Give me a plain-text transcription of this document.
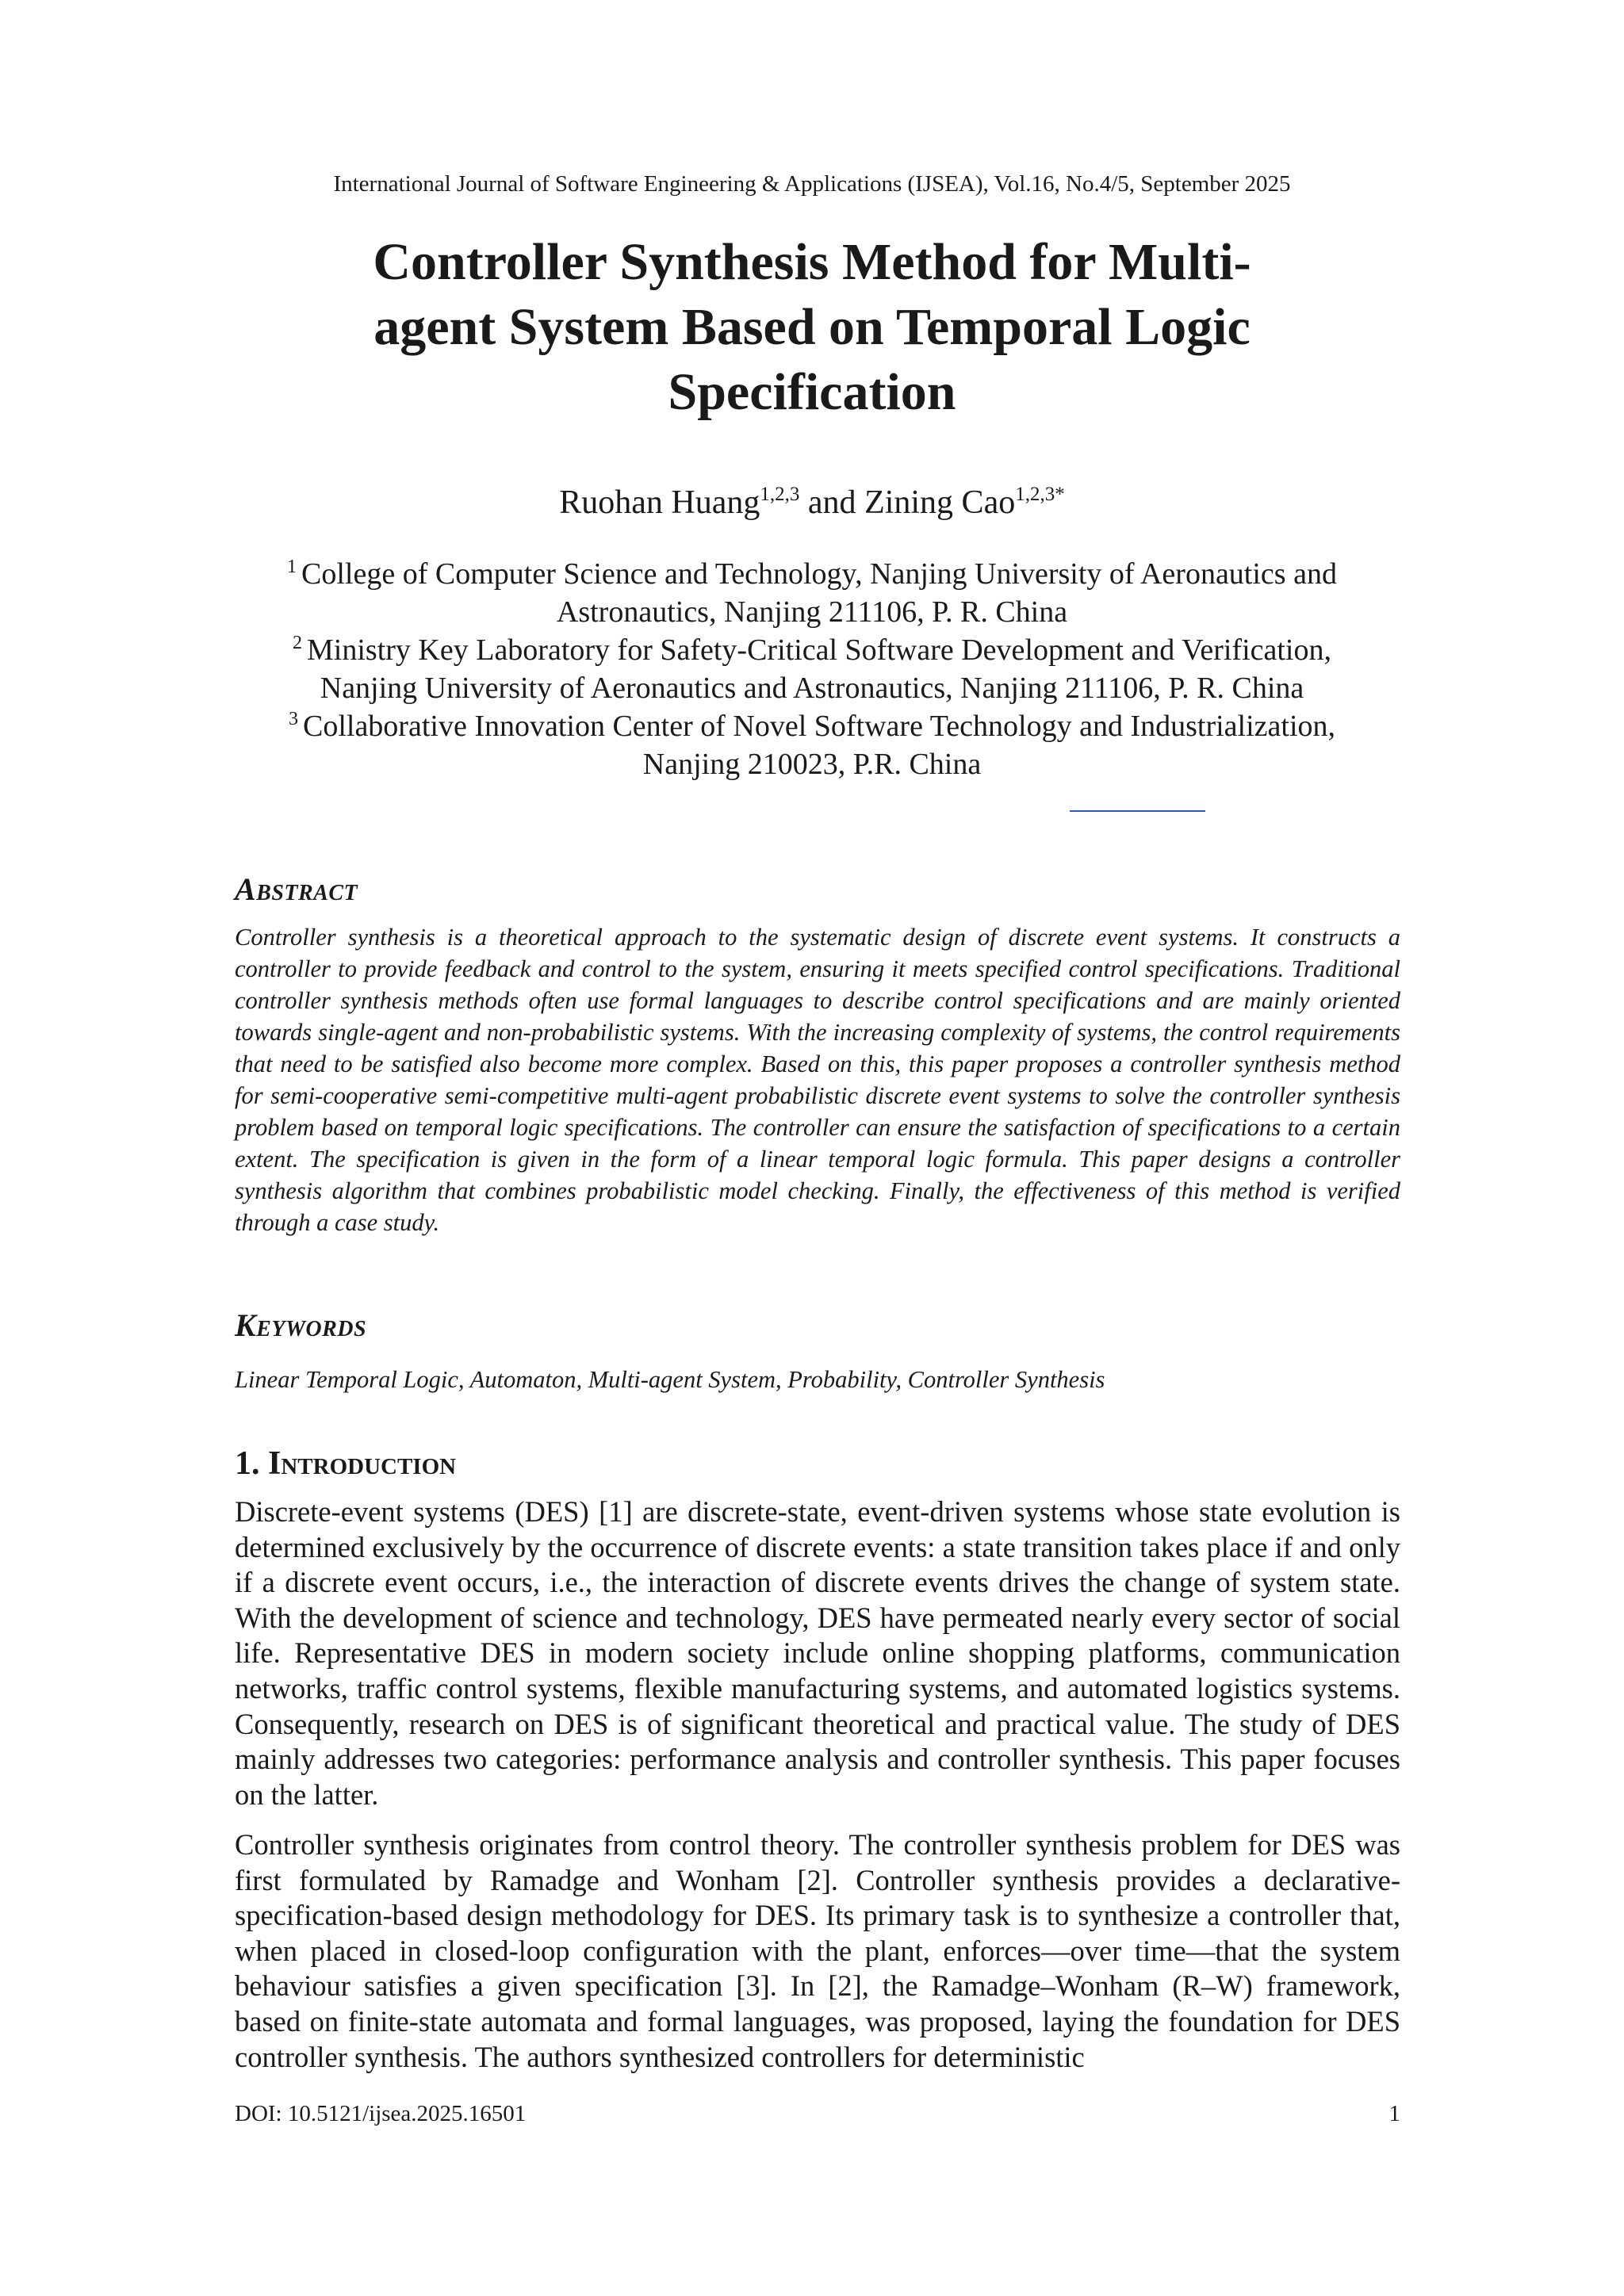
International Journal of Software Engineering & Applications (IJSEA), Vol.16, No.4/5, September 2025
Controller Synthesis Method for Multi-
agent System Based on Temporal Logic
Specification
Ruohan Huang$^{1,2,3}$ and Zining Cao$^{1,2,3*}$
$^1$ College of Computer Science and Technology, Nanjing University of Aeronautics and
Astronautics, Nanjing 211106, P. R. China
$^2$ Ministry Key Laboratory for Safety-Critical Software Development and Verification,
Nanjing University of Aeronautics and Astronautics, Nanjing 211106, P. R. China
$^3$ Collaborative Innovation Center of Novel Software Technology and Industrialization,
Nanjing 210023, P.R. China
Abstract

Controller synthesis is a theoretical approach to the systematic design of discrete event systems. It constructs a controller to provide feedback and control to the system, ensuring it meets specified control specifications. Traditional controller synthesis methods often use formal languages to describe control specifications and are mainly oriented towards single-agent and non-probabilistic systems. With the increasing complexity of systems, the control requirements that need to be satisfied also become more complex. Based on this, this paper proposes a controller synthesis method for semi-cooperative semi-competitive multi-agent probabilistic discrete event systems to solve the controller synthesis problem based on temporal logic specifications. The controller can ensure the satisfaction of specifications to a certain extent. The specification is given in the form of a linear temporal logic formula. This paper designs a controller synthesis algorithm that combines probabilistic model checking. Finally, the effectiveness of this method is verified through a case study.

Keywords

Linear Temporal Logic, Automaton, Multi-agent System, Probability, Controller Synthesis

1. Introduction

Discrete-event systems (DES) [1] are discrete-state, event-driven systems whose state evolution is determined exclusively by the occurrence of discrete events: a state transition takes place if and only if a discrete event occurs, i.e., the interaction of discrete events drives the change of system state. With the development of science and technology, DES have permeated nearly every sector of social life. Representative DES in modern society include online shopping platforms, communication networks, traffic control systems, flexible manufacturing systems, and automated logistics systems. Consequently, research on DES is of significant theoretical and practical value. The study of DES mainly addresses two categories: performance analysis and controller synthesis. This paper focuses on the latter.

Controller synthesis originates from control theory. The controller synthesis problem for DES was first formulated by Ramadge and Wonham [2]. Controller synthesis provides a declarative-specification-based design methodology for DES. Its primary task is to synthesize a controller that, when placed in closed-loop configuration with the plant, enforces—over time—that the system behaviour satisfies a given specification [3]. In [2], the Ramadge–Wonham (R–W) framework, based on finite-state automata and formal languages, was proposed, laying the foundation for DES controller synthesis. The authors synthesized controllers for deterministic

DOI: 10.5121/ijsea.2025.16501	1
